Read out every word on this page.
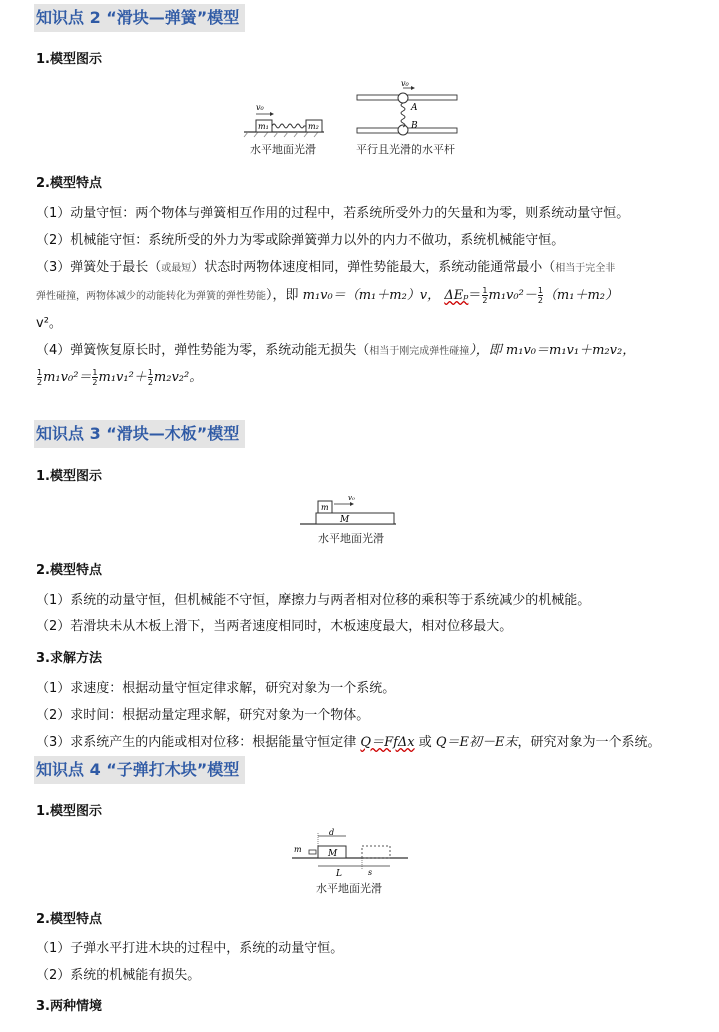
知识点 2 “滑块—弹簧”模型
1.模型图示
v₀
m₁	m₂
水平地面光滑
v₀
A
B
平行且光滑的水平杆
2.模型特点
（1）动量守恒：两个物体与弹簧相互作用的过程中，若系统所受外力的矢量和为零，则系统动量守恒。
（2）机械能守恒：系统所受的外力为零或除弹簧弹力以外的内力不做功，系统机械能守恒。
（3）弹簧处于最长（或最短）状态时两物体速度相同，弹性势能最大，系统动能通常最小（相当于完全非
弹性碰撞，两物体减少的动能转化为弹簧的弹性势能），即 m₁v₀＝（m₁＋m₂）v， $\Delta E_p= \frac{1}{2} m_1v_0^2- \frac{1}{2} (m_1+m_2)$
v²。
（4）弹簧恢复原长时，弹性势能为零，系统动能无损失（相当于刚完成弹性碰撞），即 m₁v₀＝m₁v₁＋m₂v₂，
$\frac{1}{2} m_1v_0^2= \frac{1}{2} m_1v_1^2+ \frac{1}{2} m_2v_2^2$。
知识点 3 “滑块—木板”模型
1.模型图示
m
M
v₀
水平地面光滑
2.模型特点
（1）系统的动量守恒，但机械能不守恒，摩擦力与两者相对位移的乘积等于系统减少的机械能。
（2）若滑块未从木板上滑下，当两者速度相同时，木板速度最大，相对位移最大。
3.求解方法
（1）求速度：根据动量守恒定律求解，研究对象为一个系统。
（2）求时间：根据动量定理求解，研究对象为一个物体。
（3）求系统产生的内能或相对位移：根据能量守恒定律 Q＝FfΔx 或 Q＝E初－E末，研究对象为一个系统。
知识点 4 “子弹打木块”模型
1.模型图示
d
M
m
L	s
水平地面光滑
2.模型特点
（1）子弹水平打进木块的过程中，系统的动量守恒。
（2）系统的机械能有损失。
3.两种情境
